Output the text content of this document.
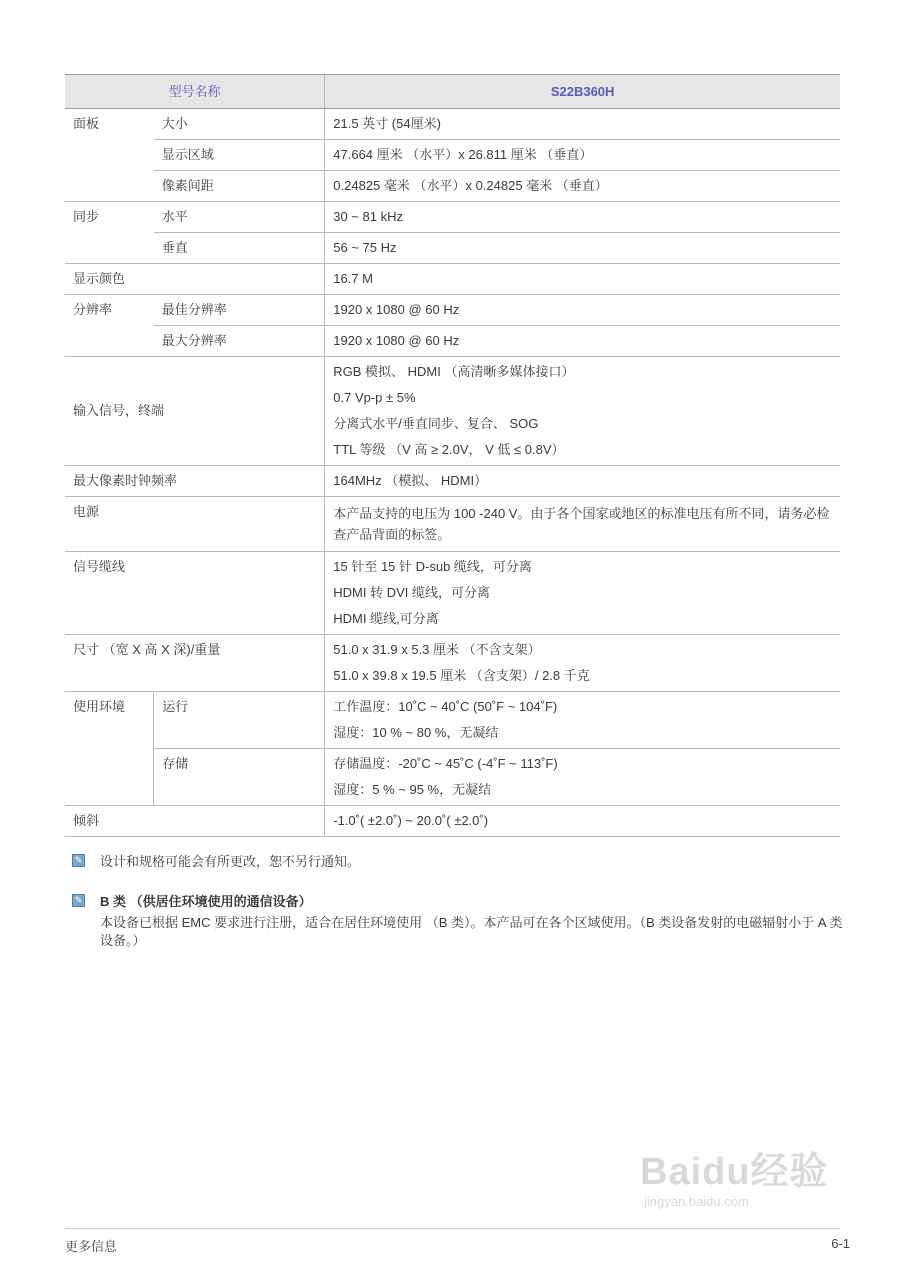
型号名称		S22B360H
面板	大小	21.5 英寸 (54厘米)
	显示区域	47.664 厘米 （水平）x 26.811 厘米 （垂直）
	像素间距	0.24825 毫米 （水平）x 0.24825 毫米 （垂直）
同步	水平	30 ~ 81 kHz
	垂直	56 ~ 75 Hz
显示颜色		16.7 M
分辨率	最佳分辨率	1920 x 1080 @ 60 Hz
	最大分辨率	1920 x 1080 @ 60 Hz
输入信号，终端		RGB 模拟、 HDMI （高清晰多媒体接口）
0.7 Vp-p ± 5%
分离式水平/垂直同步、复合、 SOG
TTL 等级 （V 高 ≥ 2.0V， V 低 ≤ 0.8V）

最大像素时钟频率		164MHz （模拟、 HDMI）
电源		本产品支持的电压为 100 -240 V。由于各个国家或地区的标准电压有所不同，请务必检查产品背面的标签。
信号缆线		15 针至 15 针 D-sub 缆线，可分离
HDMI 转 DVI 缆线，可分离
HDMI 缆线,可分离

尺寸 （宽 X 高 X 深)/重量		51.0 x 31.9 x 5.3 厘米 （不含支架）
51.0 x 39.8 x 19.5 厘米 （含支架）/ 2.8 千克

使用环境	运行	工作温度：10˚C ~ 40˚C (50˚F ~ 104˚F)
湿度：10 % ~ 80 %，无凝结

	存储	存储温度：-20˚C ~ 45˚C (-4˚F ~ 113˚F)
湿度：5 % ~ 95 %，无凝结

倾斜		-1.0˚( ±2.0˚) ~ 20.0˚( ±2.0˚)
✎ 设计和规格可能会有所更改，恕不另行通知。
✎ B 类 （供居住环境使用的通信设备）
本设备已根据 EMC 要求进行注册，适合在居住环境使用 （B 类）。本产品可在各个区域使用。（B 类设备发射的电磁辐射小于 A 类设备。）
Baidu经验
jingyan.baidu.com
更多信息	6-1
